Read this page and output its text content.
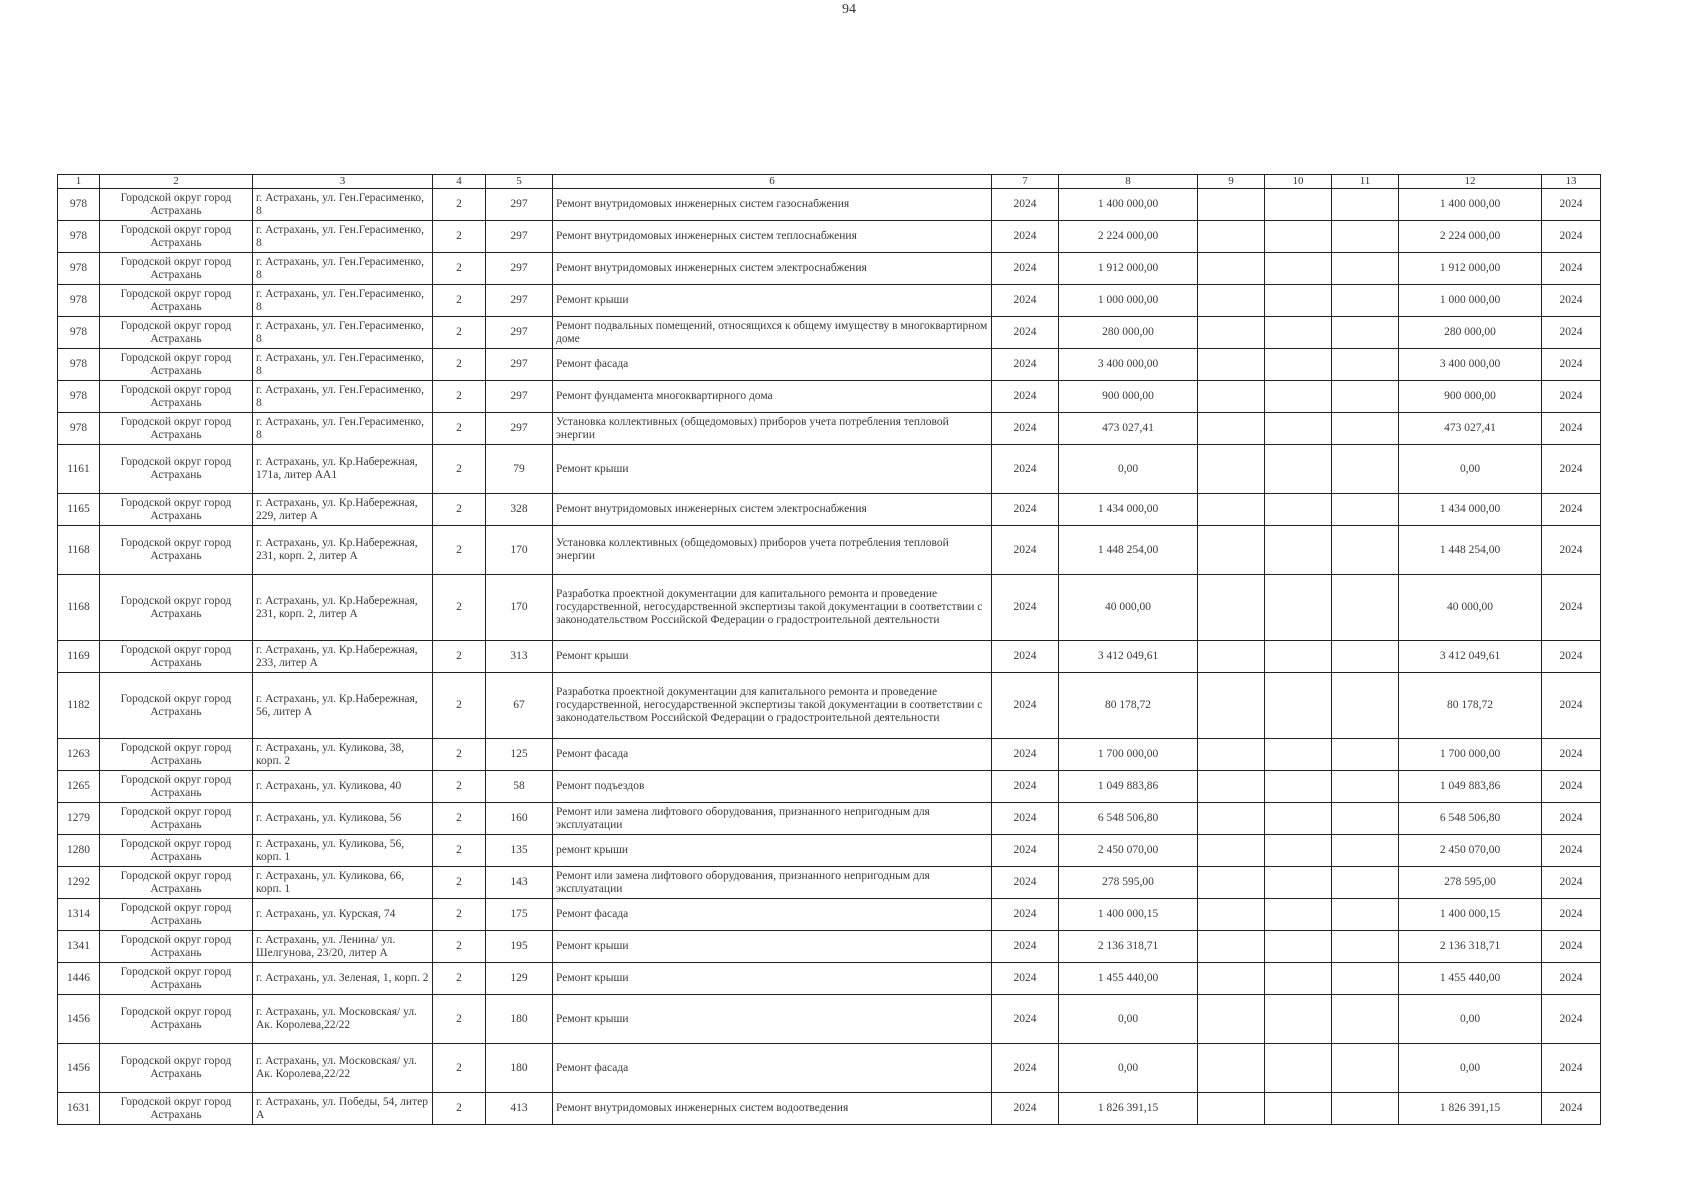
94
1	2	3	4	5	6	7	8	9	10	11	12	13
978	Городской округ город Астрахань	г. Астрахань, ул. Ген.Герасименко, 8	2	297	Ремонт внутридомовых инженерных систем газоснабжения	2024	1 400 000,00				1 400 000,00	2024
978	Городской округ город Астрахань	г. Астрахань, ул. Ген.Герасименко, 8	2	297	Ремонт внутридомовых инженерных систем теплоснабжения	2024	2 224 000,00				2 224 000,00	2024
978	Городской округ город Астрахань	г. Астрахань, ул. Ген.Герасименко, 8	2	297	Ремонт внутридомовых инженерных систем электроснабжения	2024	1 912 000,00				1 912 000,00	2024
978	Городской округ город Астрахань	г. Астрахань, ул. Ген.Герасименко, 8	2	297	Ремонт крыши	2024	1 000 000,00				1 000 000,00	2024
978	Городской округ город Астрахань	г. Астрахань, ул. Ген.Герасименко, 8	2	297	Ремонт подвальных помещений, относящихся к общему имуществу в многоквартирном доме	2024	280 000,00				280 000,00	2024
978	Городской округ город Астрахань	г. Астрахань, ул. Ген.Герасименко, 8	2	297	Ремонт фасада	2024	3 400 000,00				3 400 000,00	2024
978	Городской округ город Астрахань	г. Астрахань, ул. Ген.Герасименко, 8	2	297	Ремонт фундамента многоквартирного дома	2024	900 000,00				900 000,00	2024
978	Городской округ город Астрахань	г. Астрахань, ул. Ген.Герасименко, 8	2	297	Установка коллективных (общедомовых) приборов учета потребления тепловой энергии	2024	473 027,41				473 027,41	2024
1161	Городской округ город Астрахань	г. Астрахань, ул. Кр.Набережная, 171а, литер АА1	2	79	Ремонт крыши	2024	0,00				0,00	2024
1165	Городской округ город Астрахань	г. Астрахань, ул. Кр.Набережная, 229, литер А	2	328	Ремонт внутридомовых инженерных систем электроснабжения	2024	1 434 000,00				1 434 000,00	2024
1168	Городской округ город Астрахань	г. Астрахань, ул. Кр.Набережная, 231, корп. 2, литер А	2	170	Установка коллективных (общедомовых) приборов учета потребления тепловой энергии	2024	1 448 254,00				1 448 254,00	2024
1168	Городской округ город Астрахань	г. Астрахань, ул. Кр.Набережная, 231, корп. 2, литер А	2	170	Разработка проектной документации для капитального ремонта и проведение государственной, негосударственной экспертизы такой документации в соответствии с законодательством Российской Федерации о градостроительной деятельности	2024	40 000,00				40 000,00	2024
1169	Городской округ город Астрахань	г. Астрахань, ул. Кр.Набережная, 233, литер А	2	313	Ремонт крыши	2024	3 412 049,61				3 412 049,61	2024
1182	Городской округ город Астрахань	г. Астрахань, ул. Кр.Набережная, 56, литер А	2	67	Разработка проектной документации для капитального ремонта и проведение государственной, негосударственной экспертизы такой документации в соответствии с законодательством Российской Федерации о градостроительной деятельности	2024	80 178,72				80 178,72	2024
1263	Городской округ город Астрахань	г. Астрахань, ул. Куликова, 38, корп. 2	2	125	Ремонт фасада	2024	1 700 000,00				1 700 000,00	2024
1265	Городской округ город Астрахань	г. Астрахань, ул. Куликова, 40	2	58	Ремонт подъездов	2024	1 049 883,86				1 049 883,86	2024
1279	Городской округ город Астрахань	г. Астрахань, ул. Куликова, 56	2	160	Ремонт или замена лифтового оборудования, признанного непригодным для эксплуатации	2024	6 548 506,80				6 548 506,80	2024
1280	Городской округ город Астрахань	г. Астрахань, ул. Куликова, 56, корп. 1	2	135	ремонт крыши	2024	2 450 070,00				2 450 070,00	2024
1292	Городской округ город Астрахань	г. Астрахань, ул. Куликова, 66, корп. 1	2	143	Ремонт или замена лифтового оборудования, признанного непригодным для эксплуатации	2024	278 595,00				278 595,00	2024
1314	Городской округ город Астрахань	г. Астрахань, ул. Курская, 74	2	175	Ремонт фасада	2024	1 400 000,15				1 400 000,15	2024
1341	Городской округ город Астрахань	г. Астрахань, ул. Ленина/ ул. Шелгунова, 23/20, литер А	2	195	Ремонт крыши	2024	2 136 318,71				2 136 318,71	2024
1446	Городской округ город Астрахань	г. Астрахань, ул. Зеленая, 1, корп. 2	2	129	Ремонт крыши	2024	1 455 440,00				1 455 440,00	2024
1456	Городской округ город Астрахань	г. Астрахань, ул. Московская/ ул. Ак. Королева,22/22	2	180	Ремонт крыши	2024	0,00				0,00	2024
1456	Городской округ город Астрахань	г. Астрахань, ул. Московская/ ул. Ак. Королева,22/22	2	180	Ремонт фасада	2024	0,00				0,00	2024
1631	Городской округ город Астрахань	г. Астрахань, ул. Победы, 54, литер А	2	413	Ремонт внутридомовых инженерных систем водоотведения	2024	1 826 391,15				1 826 391,15	2024
